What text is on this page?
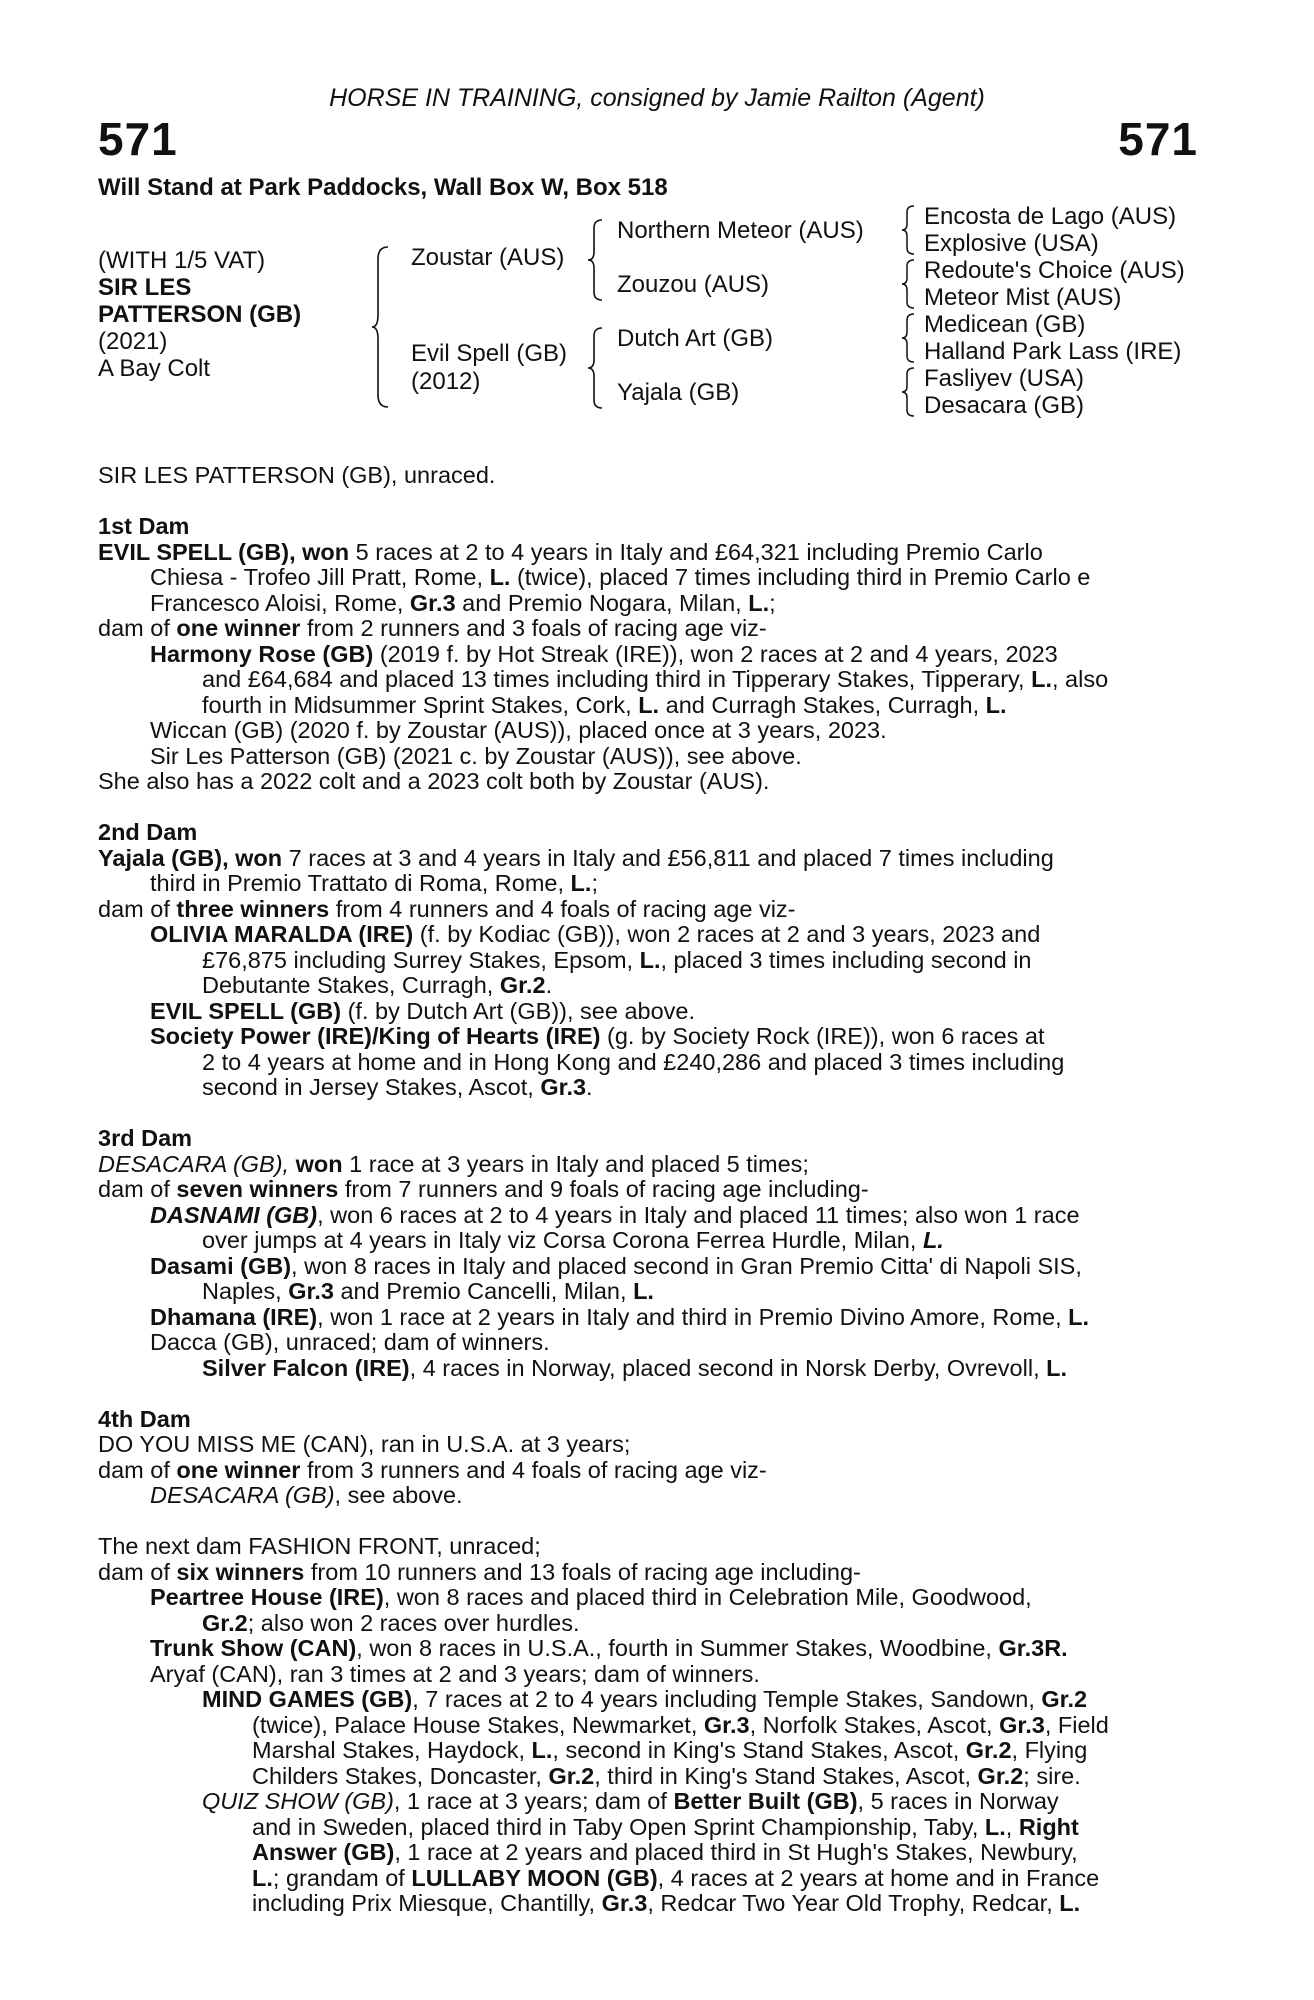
HORSE IN TRAINING, consigned by Jamie Railton (Agent)
571	571
Will Stand at Park Paddocks, Wall Box W, Box 518
(WITH 1/5 VAT)
SIR LES
PATTERSON (GB)
(2021)
A Bay Colt
Zoustar (AUS)
Evil Spell (GB)
(2012)
Northern Meteor (AUS)
Zouzou (AUS)
Dutch Art (GB)
Yajala (GB)
Encosta de Lago (AUS)
Explosive (USA)
Redoute's Choice (AUS)
Meteor Mist (AUS)
Medicean (GB)
Halland Park Lass (IRE)
Fasliyev (USA)
Desacara (GB)
SIR LES PATTERSON (GB), unraced.
1st Dam
EVIL SPELL (GB), won 5 races at 2 to 4 years in Italy and £64,321 including Premio Carlo
Chiesa - Trofeo Jill Pratt, Rome, L. (twice), placed 7 times including third in Premio Carlo e
Francesco Aloisi, Rome, Gr.3 and Premio Nogara, Milan, L.;
dam of one winner from 2 runners and 3 foals of racing age viz-
Harmony Rose (GB) (2019 f. by Hot Streak (IRE)), won 2 races at 2 and 4 years, 2023
and £64,684 and placed 13 times including third in Tipperary Stakes, Tipperary, L., also
fourth in Midsummer Sprint Stakes, Cork, L. and Curragh Stakes, Curragh, L.
Wiccan (GB) (2020 f. by Zoustar (AUS)), placed once at 3 years, 2023.
Sir Les Patterson (GB) (2021 c. by Zoustar (AUS)), see above.
She also has a 2022 colt and a 2023 colt both by Zoustar (AUS).
2nd Dam
Yajala (GB), won 7 races at 3 and 4 years in Italy and £56,811 and placed 7 times including
third in Premio Trattato di Roma, Rome, L.;
dam of three winners from 4 runners and 4 foals of racing age viz-
OLIVIA MARALDA (IRE) (f. by Kodiac (GB)), won 2 races at 2 and 3 years, 2023 and
£76,875 including Surrey Stakes, Epsom, L., placed 3 times including second in
Debutante Stakes, Curragh, Gr.2.
EVIL SPELL (GB) (f. by Dutch Art (GB)), see above.
Society Power (IRE)/King of Hearts (IRE) (g. by Society Rock (IRE)), won 6 races at
2 to 4 years at home and in Hong Kong and £240,286 and placed 3 times including
second in Jersey Stakes, Ascot, Gr.3.
3rd Dam
DESACARA (GB), won 1 race at 3 years in Italy and placed 5 times;
dam of seven winners from 7 runners and 9 foals of racing age including-
DASNAMI (GB), won 6 races at 2 to 4 years in Italy and placed 11 times; also won 1 race
over jumps at 4 years in Italy viz Corsa Corona Ferrea Hurdle, Milan, L.
Dasami (GB), won 8 races in Italy and placed second in Gran Premio Citta' di Napoli SIS,
Naples, Gr.3 and Premio Cancelli, Milan, L.
Dhamana (IRE), won 1 race at 2 years in Italy and third in Premio Divino Amore, Rome, L.
Dacca (GB), unraced; dam of winners.
Silver Falcon (IRE), 4 races in Norway, placed second in Norsk Derby, Ovrevoll, L.
4th Dam
DO YOU MISS ME (CAN), ran in U.S.A. at 3 years;
dam of one winner from 3 runners and 4 foals of racing age viz-
DESACARA (GB), see above.
The next dam FASHION FRONT, unraced;
dam of six winners from 10 runners and 13 foals of racing age including-
Peartree House (IRE), won 8 races and placed third in Celebration Mile, Goodwood,
Gr.2; also won 2 races over hurdles.
Trunk Show (CAN), won 8 races in U.S.A., fourth in Summer Stakes, Woodbine, Gr.3R.
Aryaf (CAN), ran 3 times at 2 and 3 years; dam of winners.
MIND GAMES (GB), 7 races at 2 to 4 years including Temple Stakes, Sandown, Gr.2
(twice), Palace House Stakes, Newmarket, Gr.3, Norfolk Stakes, Ascot, Gr.3, Field
Marshal Stakes, Haydock, L., second in King's Stand Stakes, Ascot, Gr.2, Flying
Childers Stakes, Doncaster, Gr.2, third in King's Stand Stakes, Ascot, Gr.2; sire.
QUIZ SHOW (GB), 1 race at 3 years; dam of Better Built (GB), 5 races in Norway
and in Sweden, placed third in Taby Open Sprint Championship, Taby, L., Right
Answer (GB), 1 race at 2 years and placed third in St Hugh's Stakes, Newbury,
L.; grandam of LULLABY MOON (GB), 4 races at 2 years at home and in France
including Prix Miesque, Chantilly, Gr.3, Redcar Two Year Old Trophy, Redcar, L.
